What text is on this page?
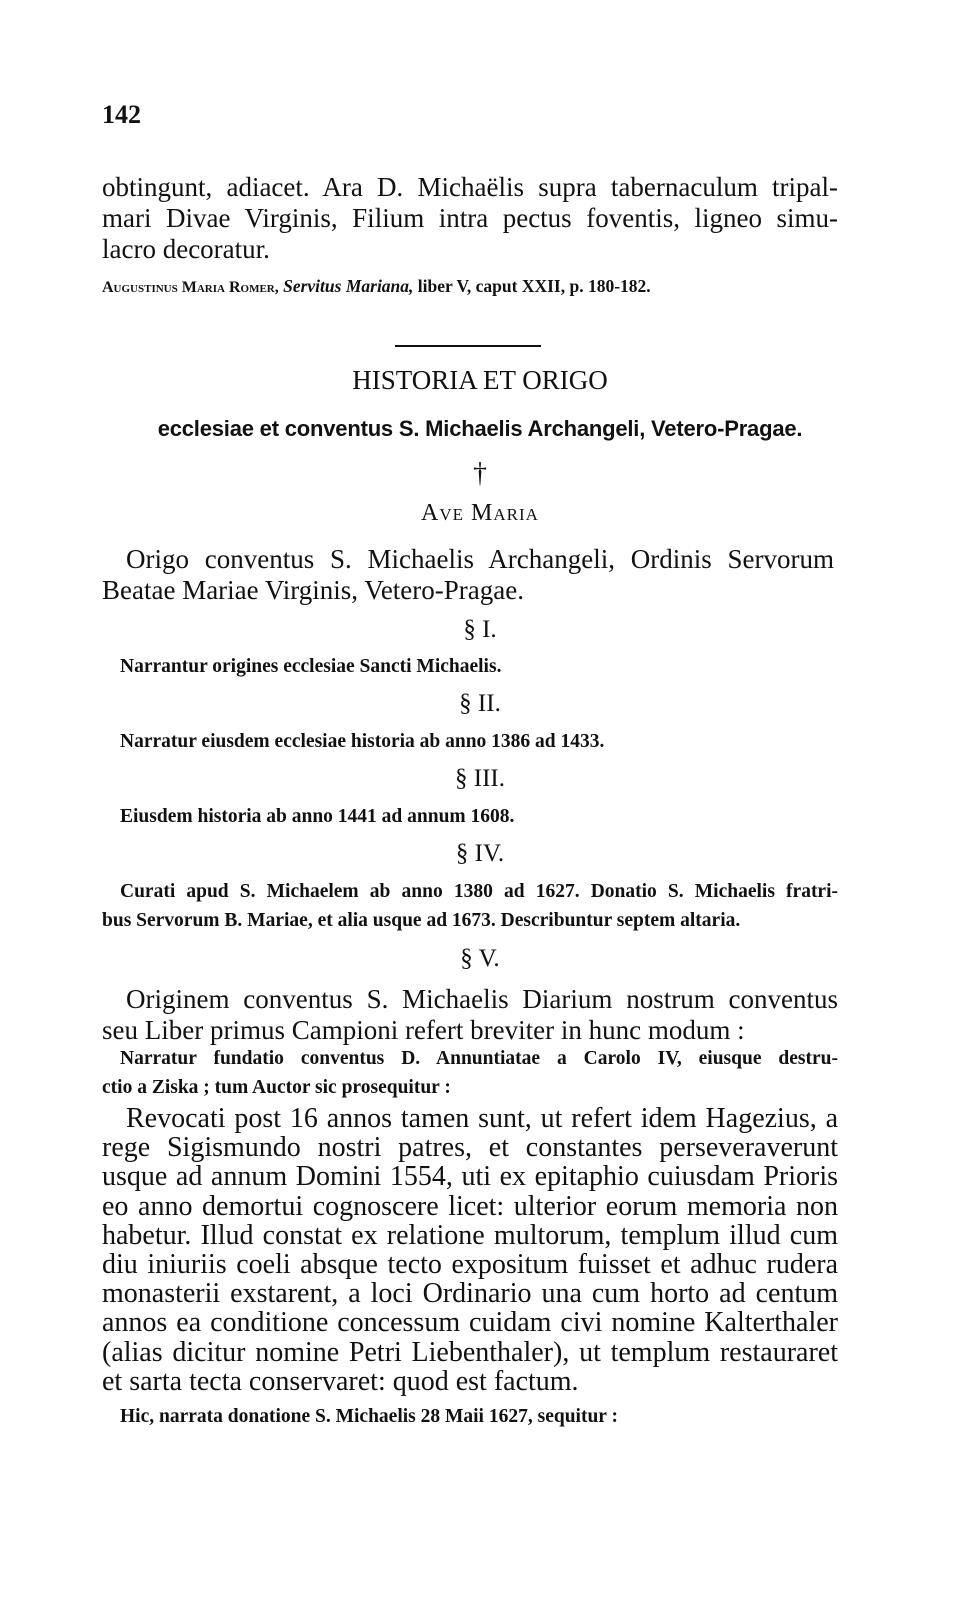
142
obtingunt, adiacet. Ara D. Michaëlis supra tabernaculum tripal-
mari Divae Virginis, Filium intra pectus foventis, ligneo simu-
lacro decoratur.
Augustinus Maria Romer, Servitus Mariana, liber V, caput XXII, p. 180-182.
HISTORIA ET ORIGO
ecclesiae et conventus S. Michaelis Archangeli, Vetero-Pragae.
†
Ave Maria
Origo conventus S. Michaelis Archangeli, Ordinis Servorum
Beatae Mariae Virginis, Vetero-Pragae.
§ I.
Narrantur origines ecclesiae Sancti Michaelis.
§ II.
Narratur eiusdem ecclesiae historia ab anno 1386 ad 1433.
§ III.
Eiusdem historia ab anno 1441 ad annum 1608.
§ IV.
Curati apud S. Michaelem ab anno 1380 ad 1627. Donatio S. Michaelis fratri-
bus Servorum B. Mariae, et alia usque ad 1673. Describuntur septem altaria.
§ V.
Originem conventus S. Michaelis Diarium nostrum conventus
seu Liber primus Campioni refert breviter in hunc modum :
Narratur fundatio conventus D. Annuntiatae a Carolo IV, eiusque destru-
ctio a Ziska ; tum Auctor sic prosequitur :
Revocati post 16 annos tamen sunt, ut refert idem Hagezius, a
rege Sigismundo nostri patres, et constantes perseveraverunt
usque ad annum Domini 1554, uti ex epitaphio cuiusdam Prioris
eo anno demortui cognoscere licet: ulterior eorum memoria non
habetur. Illud constat ex relatione multorum, templum illud cum
diu iniuriis coeli absque tecto expositum fuisset et adhuc rudera
monasterii exstarent, a loci Ordinario una cum horto ad centum
annos ea conditione concessum cuidam civi nomine Kalterthaler
(alias dicitur nomine Petri Liebenthaler), ut templum restauraret
et sarta tecta conservaret: quod est factum.
Hic, narrata donatione S. Michaelis 28 Maii 1627, sequitur :
